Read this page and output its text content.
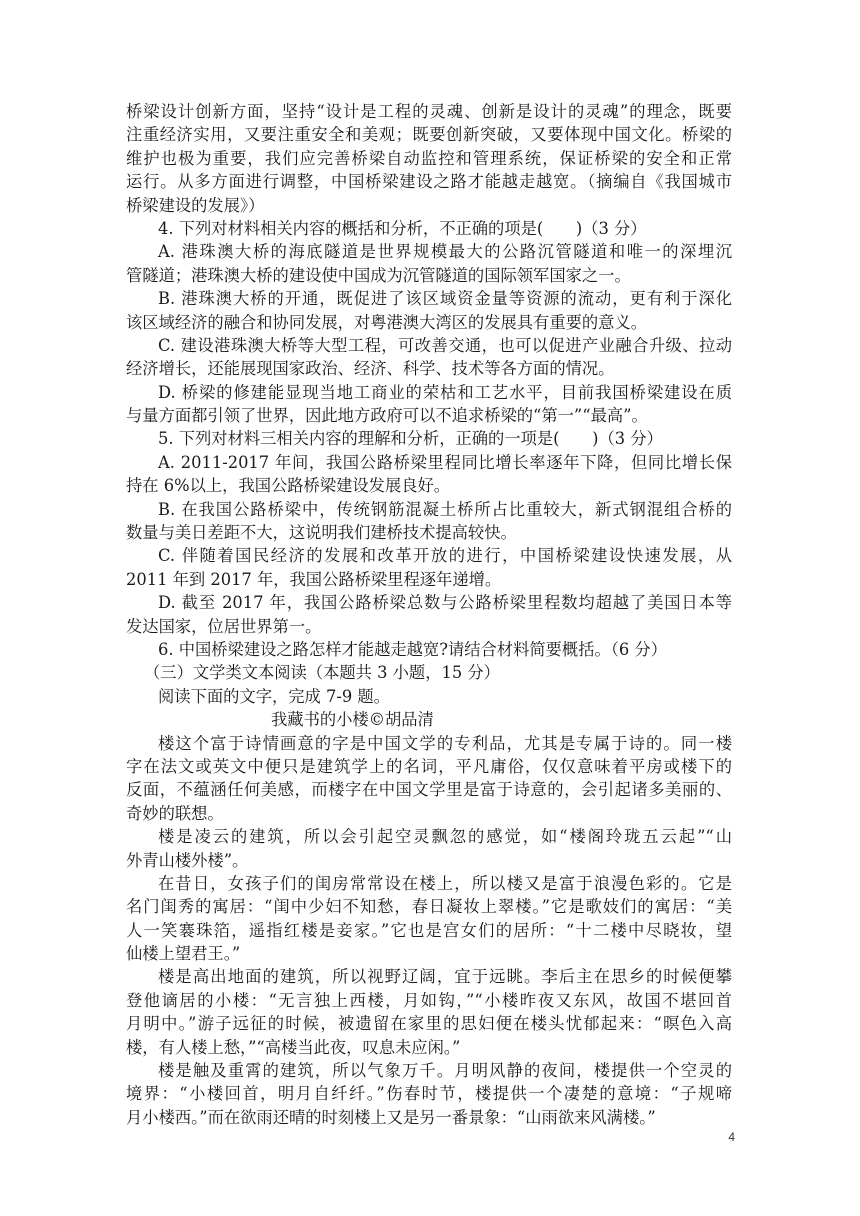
桥梁设计创新方面，坚持“设计是工程的灵魂、创新是设计的灵魂”的理念，既要
注重经济实用，又要注重安全和美观；既要创新突破，又要体现中国文化。桥梁的
维护也极为重要，我们应完善桥梁自动监控和管理系统，保证桥梁的安全和正常
运行。从多方面进行调整，中国桥梁建设之路才能越走越宽。（摘编自《我国城市
桥梁建设的发展》）
4. 下列对材料相关内容的概括和分析，不正确的项是(　　)（3 分）
A. 港珠澳大桥的海底隧道是世界规模最大的公路沉管隧道和唯一的深埋沉
管隧道；港珠澳大桥的建设使中国成为沉管隧道的国际领军国家之一。
B. 港珠澳大桥的开通，既促进了该区域资金量等资源的流动，更有利于深化
该区域经济的融合和协同发展，对粤港澳大湾区的发展具有重要的意义。
C. 建设港珠澳大桥等大型工程，可改善交通，也可以促进产业融合升级、拉动
经济增长，还能展现国家政治、经济、科学、技术等各方面的情况。
D. 桥梁的修建能显现当地工商业的荣枯和工艺水平，目前我国桥梁建设在质
与量方面都引领了世界，因此地方政府可以不追求桥梁的“第一”“最高”。
5. 下列对材料三相关内容的理解和分析，正确的一项是(　　)（3 分）
A. 2011-2017 年间，我国公路桥梁里程同比增长率逐年下降，但同比增长保
持在 6%以上，我国公路桥梁建设发展良好。
B. 在我国公路桥梁中，传统钢筋混凝土桥所占比重较大，新式钢混组合桥的
数量与美日差距不大，这说明我们建桥技术提高较快。
C. 伴随着国民经济的发展和改革开放的进行，中国桥梁建设快速发展，从
2011 年到 2017 年，我国公路桥梁里程逐年递增。
D. 截至 2017 年，我国公路桥梁总数与公路桥梁里程数均超越了美国日本等
发达国家，位居世界第一。
6. 中国桥梁建设之路怎样才能越走越宽?请结合材料简要概括。（6 分）
（三）文学类文本阅读（本题共 3 小题，15 分）
阅读下面的文字，完成 7-9 题。
我藏书的小楼©胡品清
楼这个富于诗情画意的字是中国文学的专利品，尤其是专属于诗的。同一楼
字在法文或英文中便只是建筑学上的名词，平凡庸俗，仅仅意味着平房或楼下的
反面，不蕴涵任何美感，而楼字在中国文学里是富于诗意的，会引起诸多美丽的、
奇妙的联想。
楼是凌云的建筑，所以会引起空灵飘忽的感觉，如“楼阁玲珑五云起”“山
外青山楼外楼”。
在昔日，女孩子们的闺房常常设在楼上，所以楼又是富于浪漫色彩的。它是
名门闺秀的寓居：“闺中少妇不知愁，春日凝妆上翠楼。”它是歌妓们的寓居：“美
人一笑褰珠箔，遥指红楼是妾家。”它也是宫女们的居所：“十二楼中尽晓妆，望
仙楼上望君王。”
楼是高出地面的建筑，所以视野辽阔，宜于远眺。李后主在思乡的时候便攀
登他谪居的小楼：“无言独上西楼，月如钩，”“小楼昨夜又东风，故国不堪回首
月明中。”游子远征的时候，被遗留在家里的思妇便在楼头忧郁起来：“暝色入高
楼，有人楼上愁，”“高楼当此夜，叹息未应闲。”
楼是触及重霄的建筑，所以气象万千。月明风静的夜间，楼提供一个空灵的
境界：“小楼回首，明月自纤纤。”伤春时节，楼提供一个凄楚的意境：“子规啼
月小楼西。”而在欲雨还晴的时刻楼上又是另一番景象：“山雨欲来风满楼。”
4
